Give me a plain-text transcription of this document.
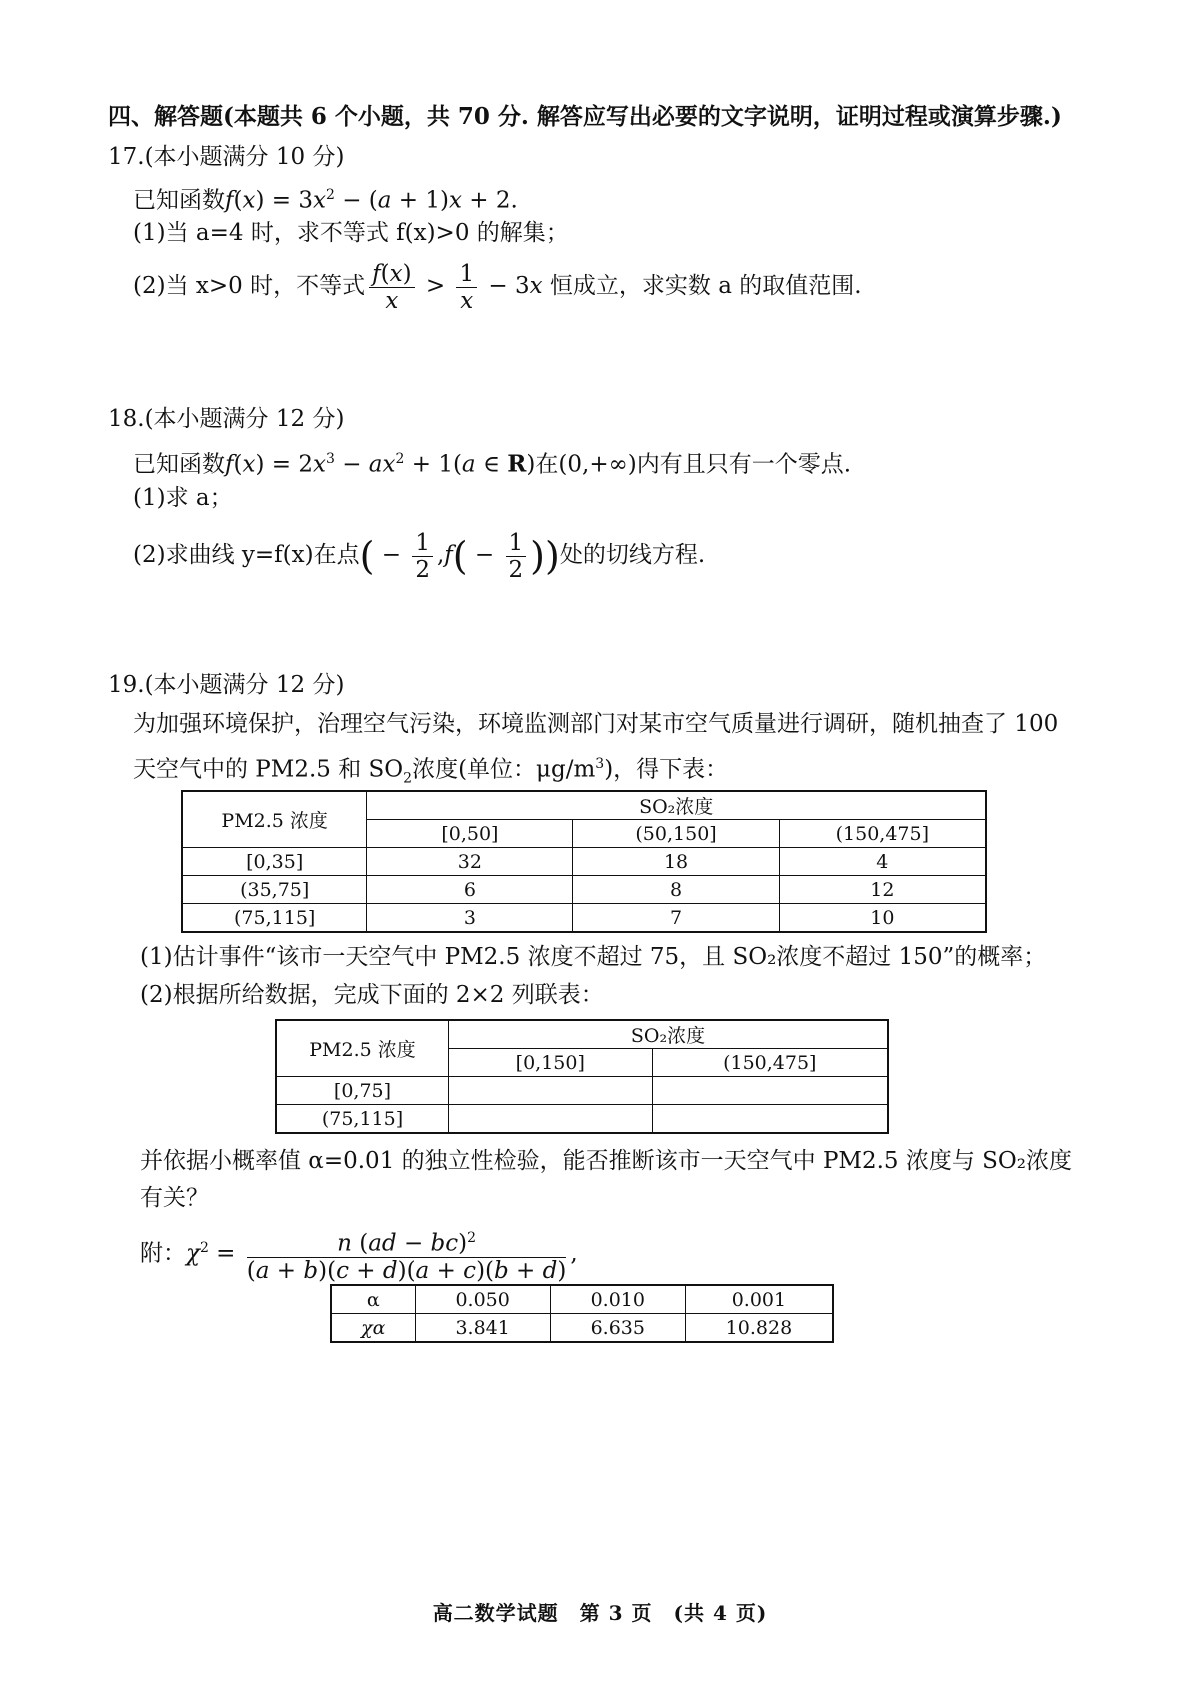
四、解答题(本题共 6 个小题，共 70 分. 解答应写出必要的文字说明，证明过程或演算步骤.)
17.(本小题满分 10 分)
已知函数$f(x) = 3x^2 - (a + 1)x + 2$.
(1)当 a=4 时，求不等式 f(x)>0 的解集；
(2)当 x>0 时，不等式 $\frac{f(x)}{x} > \frac{1}{x} - 3x$ 恒成立，求实数 a 的取值范围.
18.(本小题满分 12 分)
已知函数$f(x) = 2x^3 - ax^2 + 1(a$ ∈ R)在(0,+∞)内有且只有一个零点.
(1)求 a；
(2)求曲线 y=f(x)在点( − $\frac{1}{2} ,f( - \frac{1}{2}$ ))处的切线方程.
19.(本小题满分 12 分)
为加强环境保护，治理空气污染，环境监测部门对某市空气质量进行调研，随机抽查了 100
天空气中的 PM2.5 和 $SO_2$浓度(单位：$\mu g/m^3$)，得下表：
PM2.5 浓度	SO₂浓度		
	[0,50]	(50,150]	(150,475]
[0,35]	32	18	4
(35,75]	6	8	12
(75,115]	3	7	10
(1)估计事件“该市一天空气中 PM2.5 浓度不超过 75，且 SO₂浓度不超过 150”的概率；
(2)根据所给数据，完成下面的 2×2 列联表：
PM2.5 浓度	SO₂浓度	
	[0,150]	(150,475]
[0,75]		
(75,115]		
并依据小概率值 α=0.01 的独立性检验，能否推断该市一天空气中 PM2.5 浓度与 SO₂浓度
有关？
附：$\chi^2 = \frac{n (ad - bc)^2}{(a + b)(c + d)(a + c)(b + d)}$ ,
α	0.050	0.010	0.001
χα	3.841	6.635	10.828
高二数学试题　第 3 页　(共 4 页)
